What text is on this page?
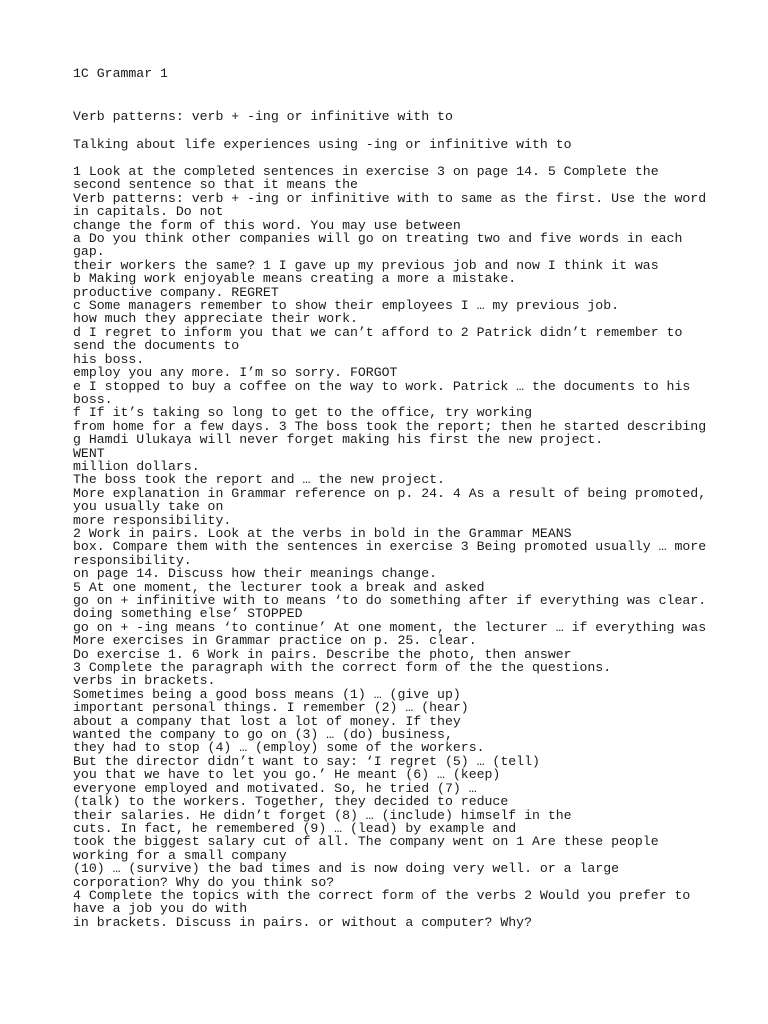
1C Grammar 1
Verb patterns: verb + -ing or infinitive with to
Talking about life experiences using -ing or infinitive with to
1 Look at the completed sentences in exercise 3 on page 14. 5 Complete the
second sentence so that it means the
Verb patterns: verb + -ing or infinitive with to same as the first. Use the word
in capitals. Do not
change the form of this word. You may use between
a Do you think other companies will go on treating two and five words in each
gap.
their workers the same? 1 I gave up my previous job and now I think it was
b Making work enjoyable means creating a more a mistake.
productive company. REGRET
c Some managers remember to show their employees I … my previous job.
how much they appreciate their work.
d I regret to inform you that we can’t afford to 2 Patrick didn’t remember to
send the documents to
his boss.
employ you any more. I’m so sorry. FORGOT
e I stopped to buy a coffee on the way to work. Patrick … the documents to his
boss.
f If it’s taking so long to get to the office, try working
from home for a few days. 3 The boss took the report; then he started describing
g Hamdi Ulukaya will never forget making his first the new project.
WENT
million dollars.
The boss took the report and … the new project.
More explanation in Grammar reference on p. 24. 4 As a result of being promoted,
you usually take on
more responsibility.
2 Work in pairs. Look at the verbs in bold in the Grammar MEANS
box. Compare them with the sentences in exercise 3 Being promoted usually … more
responsibility.
on page 14. Discuss how their meanings change.
5 At one moment, the lecturer took a break and asked
go on + infinitive with to means ‘to do something after if everything was clear.
doing something else’ STOPPED
go on + -ing means ‘to continue’ At one moment, the lecturer … if everything was
More exercises in Grammar practice on p. 25. clear.
Do exercise 1. 6 Work in pairs. Describe the photo, then answer
3 Complete the paragraph with the correct form of the the questions.
verbs in brackets.
Sometimes being a good boss means (1) … (give up)
important personal things. I remember (2) … (hear)
about a company that lost a lot of money. If they
wanted the company to go on (3) … (do) business,
they had to stop (4) … (employ) some of the workers.
But the director didn’t want to say: ‘I regret (5) … (tell)
you that we have to let you go.’ He meant (6) … (keep)
everyone employed and motivated. So, he tried (7) …
(talk) to the workers. Together, they decided to reduce
their salaries. He didn’t forget (8) … (include) himself in the
cuts. In fact, he remembered (9) … (lead) by example and
took the biggest salary cut of all. The company went on 1 Are these people
working for a small company
(10) … (survive) the bad times and is now doing very well. or a large
corporation? Why do you think so?
4 Complete the topics with the correct form of the verbs 2 Would you prefer to
have a job you do with
in brackets. Discuss in pairs. or without a computer? Why?
